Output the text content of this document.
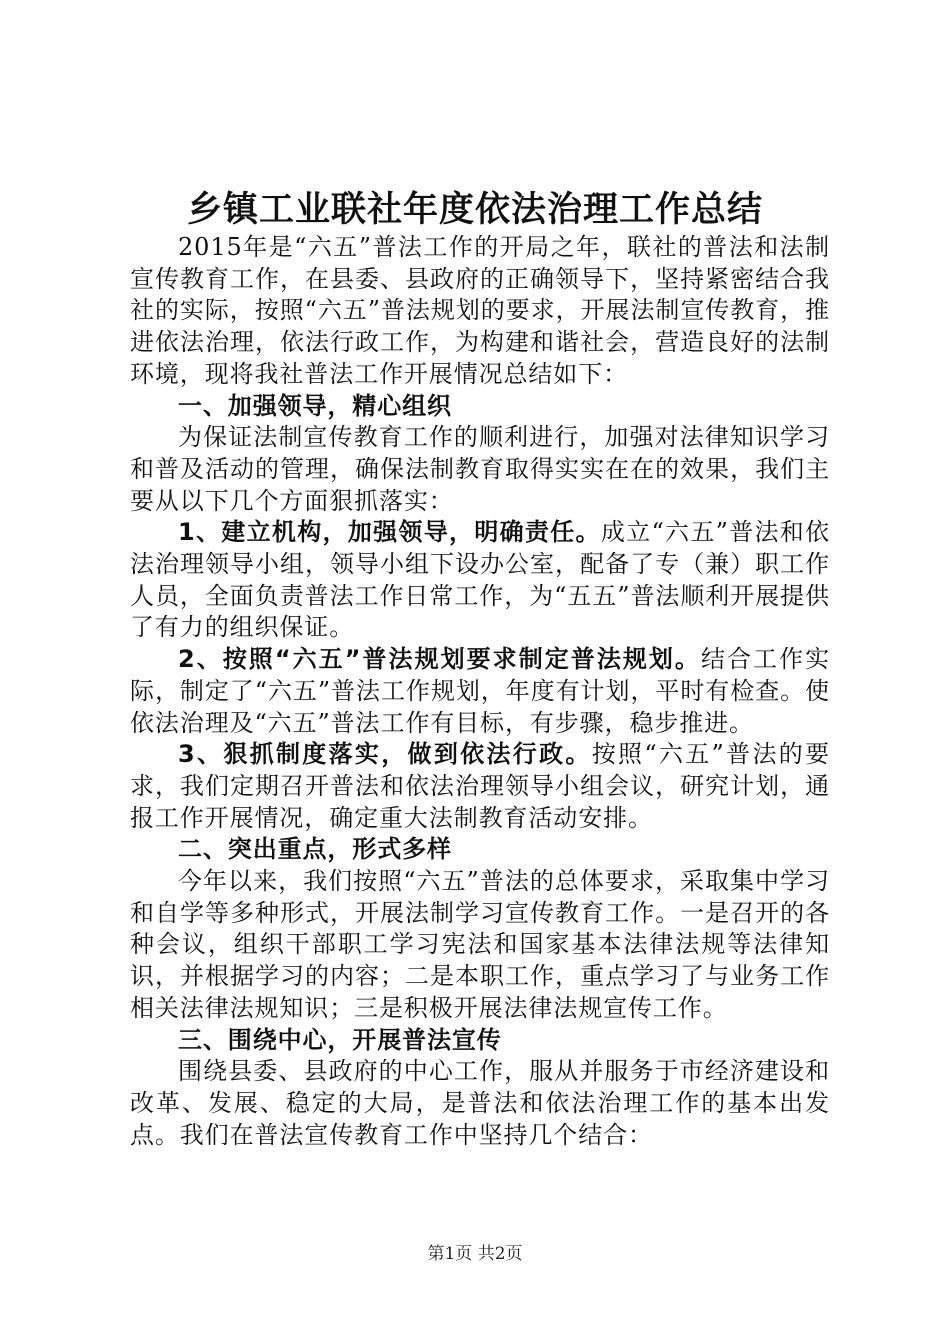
乡镇工业联社年度依法治理工作总结

2015年是“六五”普法工作的开局之年，联社的普法和法制宣传教育工作，在县委、县政府的正确领导下，坚持紧密结合我社的实际，按照“六五”普法规划的要求，开展法制宣传教育，推进依法治理，依法行政工作，为构建和谐社会，营造良好的法制环境，现将我社普法工作开展情况总结如下：

一、加强领导，精心组织

为保证法制宣传教育工作的顺利进行，加强对法律知识学习和普及活动的管理，确保法制教育取得实实在在的效果，我们主要从以下几个方面狠抓落实：

1、建立机构，加强领导，明确责任。成立“六五”普法和依法治理领导小组，领导小组下设办公室，配备了专（兼）职工作人员，全面负责普法工作日常工作，为“五五”普法顺利开展提供了有力的组织保证。

2、按照“六五”普法规划要求制定普法规划。结合工作实际，制定了“六五”普法工作规划，年度有计划，平时有检查。使依法治理及“六五”普法工作有目标，有步骤，稳步推进。

3、狠抓制度落实，做到依法行政。按照“六五”普法的要求，我们定期召开普法和依法治理领导小组会议，研究计划，通报工作开展情况，确定重大法制教育活动安排。

二、突出重点，形式多样

今年以来，我们按照“六五”普法的总体要求，采取集中学习和自学等多种形式，开展法制学习宣传教育工作。一是召开的各种会议，组织干部职工学习宪法和国家基本法律法规等法律知识，并根据学习的内容；二是本职工作，重点学习了与业务工作相关法律法规知识；三是积极开展法律法规宣传工作。

三、围绕中心，开展普法宣传

围绕县委、县政府的中心工作，服从并服务于市经济建设和改革、发展、稳定的大局，是普法和依法治理工作的基本出发点。我们在普法宣传教育工作中坚持几个结合：

第1页 共2页
